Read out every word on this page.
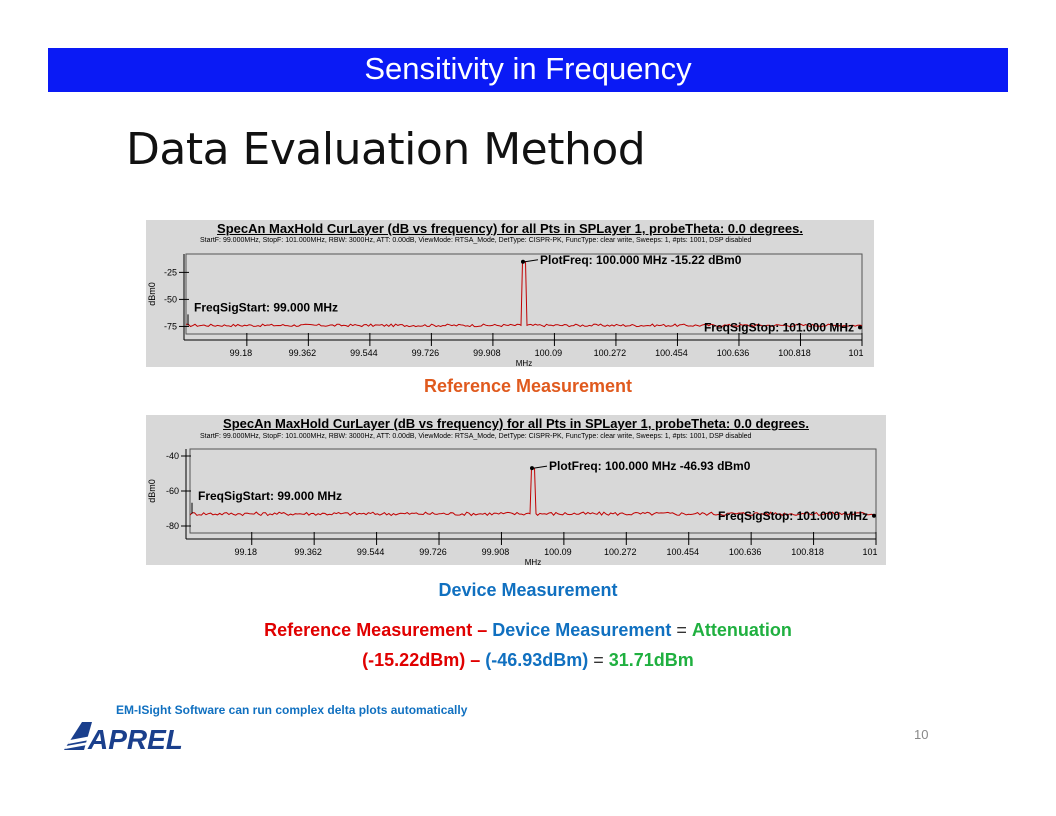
Sensitivity in Frequency
Data Evaluation Method
SpecAn MaxHold CurLayer (dB vs frequency) for all Pts in SPLayer 1, probeTheta: 0.0 degrees.
StartF: 99.000MHz, StopF: 101.000MHz, RBW: 3000Hz, ATT: 0.00dB, ViewMode: RTSA_Mode, DetType: CISPR-PK, FuncType: clear write, Sweeps: 1, #pts: 1001, DSP disabled
-25
-50
-75
dBm0
99.18	99.362	99.544	99.726	99.908	100.09	100.272	100.454	100.636	100.818	101
MHz
PlotFreq: 100.000 MHz -15.22 dBm0
FreqSigStart: 99.000 MHz
FreqSigStop: 101.000 MHz
Reference Measurement
SpecAn MaxHold CurLayer (dB vs frequency) for all Pts in SPLayer 1, probeTheta: 0.0 degrees.
StartF: 99.000MHz, StopF: 101.000MHz, RBW: 3000Hz, ATT: 0.00dB, ViewMode: RTSA_Mode, DetType: CISPR-PK, FuncType: clear write, Sweeps: 1, #pts: 1001, DSP disabled
-40
-60
-80
dBm0
99.18	99.362	99.544	99.726	99.908	100.09	100.272	100.454	100.636	100.818	101
MHz
PlotFreq: 100.000 MHz -46.93 dBm0
FreqSigStart: 99.000 MHz
FreqSigStop: 101.000 MHz
Device Measurement
Reference Measurement – Device Measurement = Attenuation
(-15.22dBm) – (-46.93dBm) = 31.71dBm
EM-ISight Software can run complex delta plots automatically
APREL	10
